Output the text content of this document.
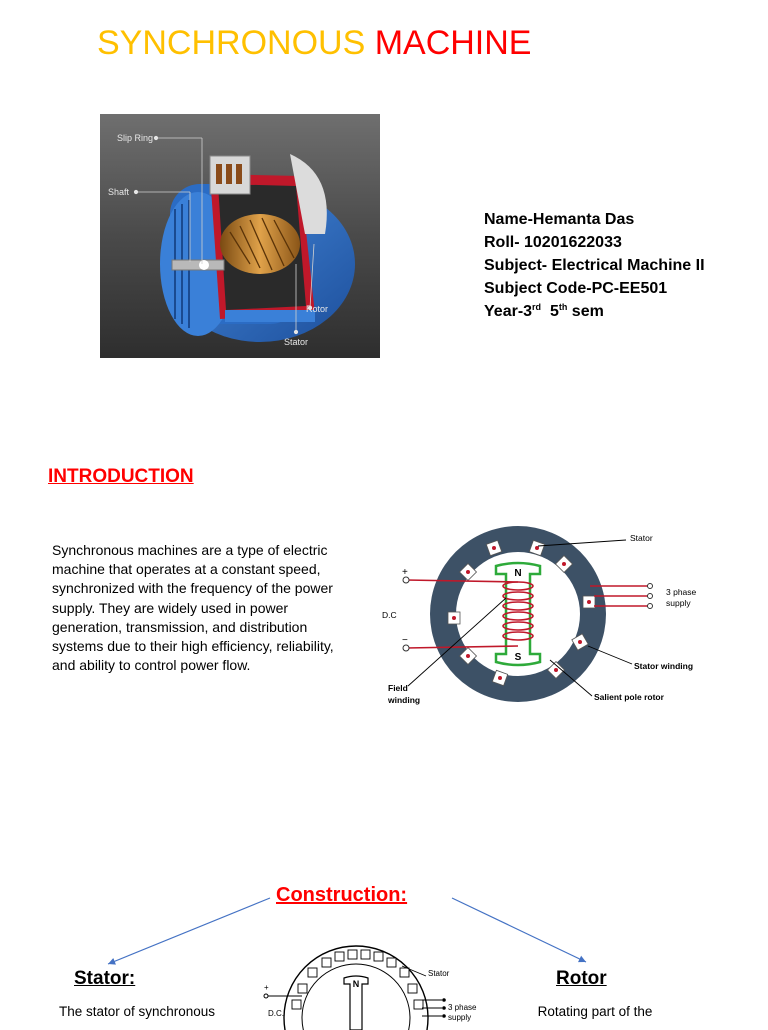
SYNCHRONOUS MACHINE
Slip Ring
Shaft
Rotor
Stator
Name-Hemanta Das
Roll- 10201622033
Subject- Electrical Machine II
Subject Code-PC-EE501
Year-3rd 5th sem
INTRODUCTION
Synchronous machines are a type of electric machine that operates at a constant speed, synchronized with the frequency of the power supply. They are widely used in power generation, transmission, and distribution systems due to their high efficiency, reliability, and ability to control power flow.
N
S
+
−
D.C
3 phase
supply
Stator
Stator winding
Salient pole rotor
Field
winding
Construction:
Stator:
The stator of synchronous
Rotor
Rotating part of the
N
+
D.C.
Stator
3 phase
supply
